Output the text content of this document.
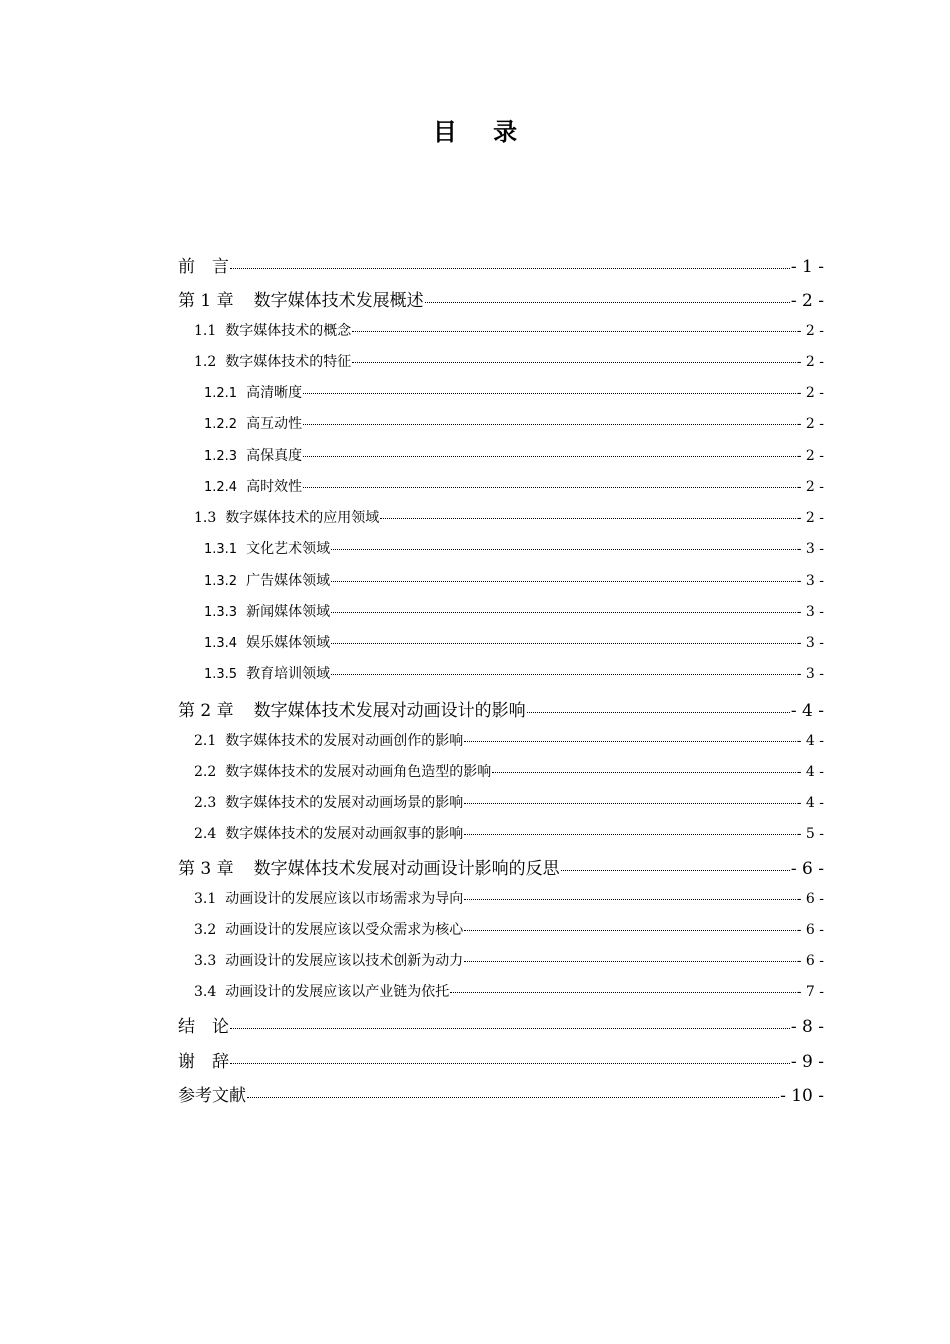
目 录
前　言	- 1 -
第 1 章 数字媒体技术发展概述	- 2 -
1.1 数字媒体技术的概念	- 2 -
1.2 数字媒体技术的特征	- 2 -
1.2.1 高清晰度	- 2 -
1.2.2 高互动性	- 2 -
1.2.3 高保真度	- 2 -
1.2.4 高时效性	- 2 -
1.3 数字媒体技术的应用领域	- 2 -
1.3.1 文化艺术领域	- 3 -
1.3.2 广告媒体领域	- 3 -
1.3.3 新闻媒体领域	- 3 -
1.3.4 娱乐媒体领域	- 3 -
1.3.5 教育培训领域	- 3 -
第 2 章 数字媒体技术发展对动画设计的影响	- 4 -
2.1 数字媒体技术的发展对动画创作的影响	- 4 -
2.2 数字媒体技术的发展对动画角色造型的影响	- 4 -
2.3 数字媒体技术的发展对动画场景的影响	- 4 -
2.4 数字媒体技术的发展对动画叙事的影响	- 5 -
第 3 章 数字媒体技术发展对动画设计影响的反思	- 6 -
3.1 动画设计的发展应该以市场需求为导向	- 6 -
3.2 动画设计的发展应该以受众需求为核心	- 6 -
3.3 动画设计的发展应该以技术创新为动力	- 6 -
3.4 动画设计的发展应该以产业链为依托	- 7 -
结　论	- 8 -
谢　辞	- 9 -
参考文献	- 10 -
